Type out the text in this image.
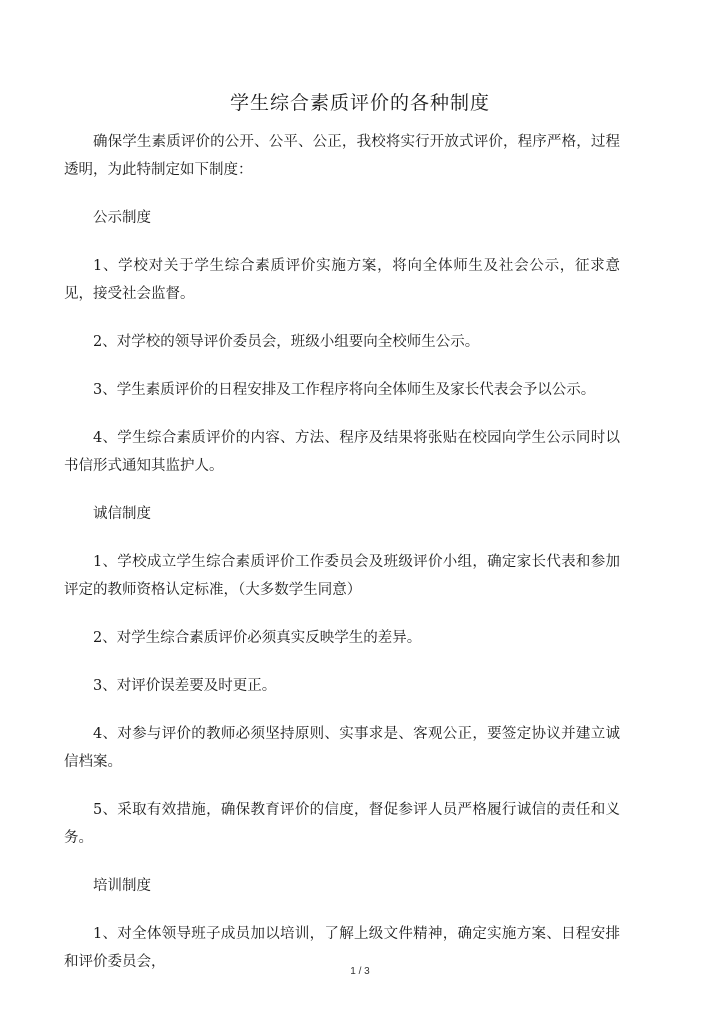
学生综合素质评价的各种制度

确保学生素质评价的公开、公平、公正，我校将实行开放式评价，程序严格，过程透明，为此特制定如下制度：

公示制度

1、学校对关于学生综合素质评价实施方案，将向全体师生及社会公示，征求意见，接受社会监督。

2、对学校的领导评价委员会，班级小组要向全校师生公示。

3、学生素质评价的日程安排及工作程序将向全体师生及家长代表会予以公示。

4、学生综合素质评价的内容、方法、程序及结果将张贴在校园向学生公示同时以书信形式通知其监护人。

诚信制度

1、学校成立学生综合素质评价工作委员会及班级评价小组，确定家长代表和参加评定的教师资格认定标准，（大多数学生同意）

2、对学生综合素质评价必须真实反映学生的差异。

3、对评价误差要及时更正。

4、对参与评价的教师必须坚持原则、实事求是、客观公正，要签定协议并建立诚信档案。

5、采取有效措施，确保教育评价的信度，督促参评人员严格履行诚信的责任和义务。

培训制度

1、对全体领导班子成员加以培训，了解上级文件精神，确定实施方案、日程安排和评价委员会，

1 / 3
